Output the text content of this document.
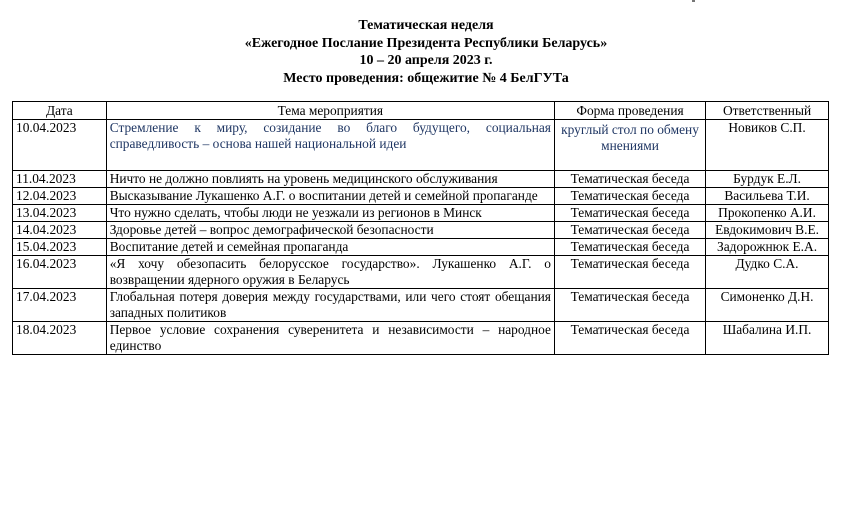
Тематическая неделя
«Ежегодное Послание Президента Республики Беларусь»
10 – 20 апреля 2023 г.
Место проведения: общежитие № 4 БелГУТа
Дата	Тема мероприятия	Форма проведения	Ответственный
10.04.2023	Стремление к миру, созидание во благо будущего, социальная справедливость – основа нашей национальной идеи	круглый стол по обмену мнениями	Новиков С.П.
11.04.2023	Ничто не должно повлиять на уровень медицинского обслуживания	Тематическая беседа	Бурдук Е.Л.
12.04.2023	Высказывание Лукашенко А.Г. о воспитании детей и семейной пропаганде	Тематическая беседа	Васильева Т.И.
13.04.2023	Что нужно сделать, чтобы люди не уезжали из регионов в Минск	Тематическая беседа	Прокопенко А.И.
14.04.2023	Здоровье детей – вопрос демографической безопасности	Тематическая беседа	Евдокимович В.Е.
15.04.2023	Воспитание детей и семейная пропаганда	Тематическая беседа	Задорожнюк Е.А.
16.04.2023	«Я хочу обезопасить белорусское государство». Лукашенко А.Г. о возвращении ядерного оружия в Беларусь	Тематическая беседа	Дудко С.А.
17.04.2023	Глобальная потеря доверия между государствами, или чего стоят обещания западных политиков	Тематическая беседа	Симоненко Д.Н.
18.04.2023	Первое условие сохранения суверенитета и независимости – народное единство	Тематическая беседа	Шабалина И.П.
